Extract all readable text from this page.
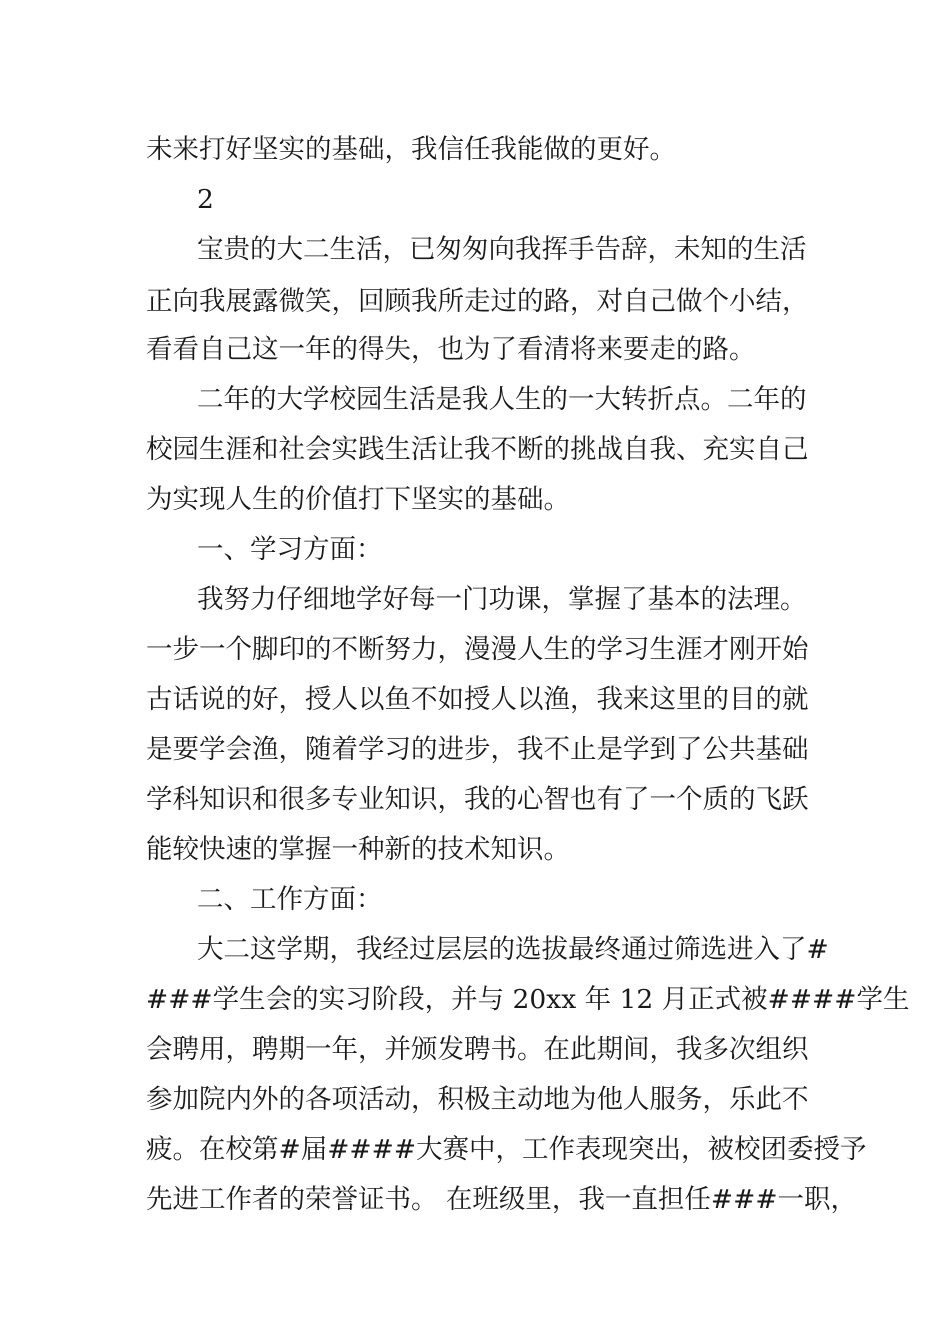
未来打好坚实的基础，我信任我能做的更好。
2
宝贵的大二生活，已匆匆向我挥手告辞，未知的生活
正向我展露微笑，回顾我所走过的路，对自己做个小结，
看看自己这一年的得失，也为了看清将来要走的路。
二年的大学校园生活是我人生的一大转折点。二年的
校园生涯和社会实践生活让我不断的挑战自我、充实自己
为实现人生的价值打下坚实的基础。
一、学习方面：
我努力仔细地学好每一门功课，掌握了基本的法理。
一步一个脚印的不断努力，漫漫人生的学习生涯才刚开始
古话说的好，授人以鱼不如授人以渔，我来这里的目的就
是要学会渔，随着学习的进步，我不止是学到了公共基础
学科知识和很多专业知识，我的心智也有了一个质的飞跃
能较快速的掌握一种新的技术知识。
二、工作方面：
大二这学期，我经过层层的选拔最终通过筛选进入了#
###学生会的实习阶段，并与 20xx 年 12 月正式被####学生
会聘用，聘期一年，并颁发聘书。在此期间，我多次组织
参加院内外的各项活动，积极主动地为他人服务，乐此不
疲。在校第#届####大赛中，工作表现突出，被校团委授予
先进工作者的荣誉证书。 在班级里，我一直担任###一职，
